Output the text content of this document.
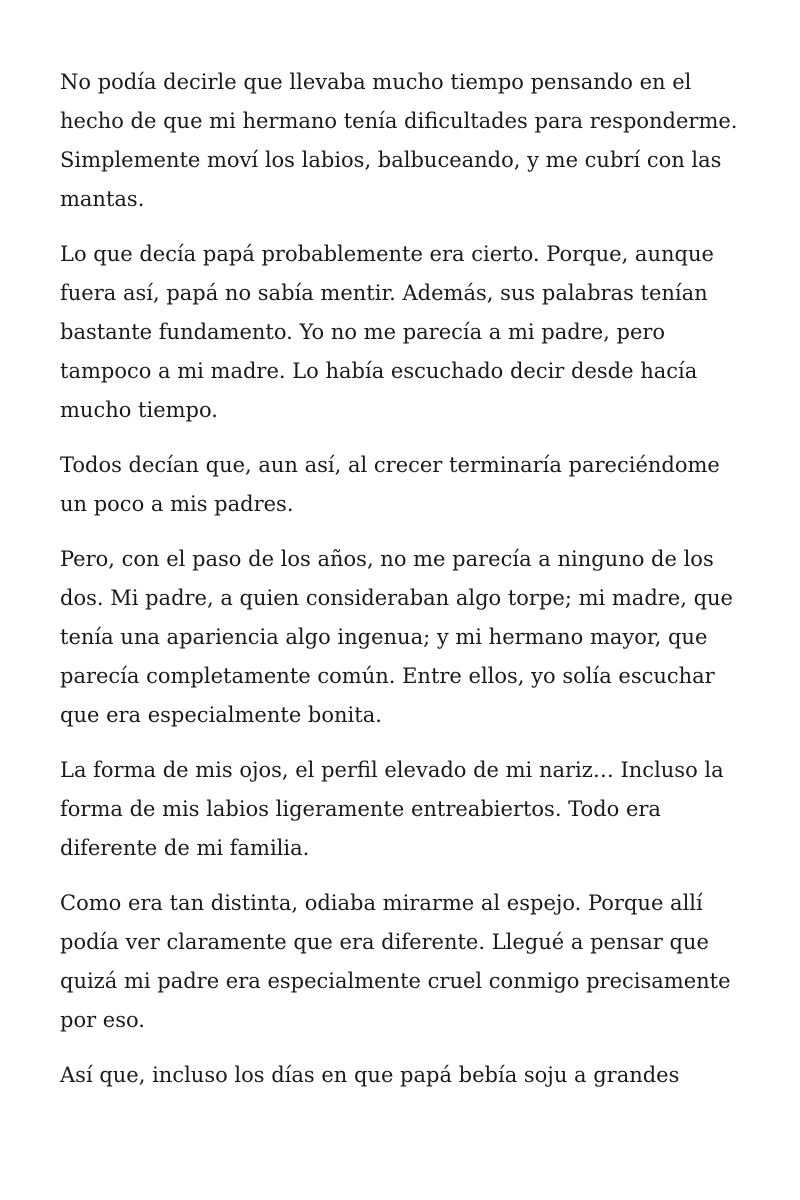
No podía decirle que llevaba mucho tiempo pensando en el hecho de que mi hermano tenía dificultades para responderme. Simplemente moví los labios, balbuceando, y me cubrí con las mantas.

Lo que decía papá probablemente era cierto. Porque, aunque fuera así, papá no sabía mentir. Además, sus palabras tenían bastante fundamento. Yo no me parecía a mi padre, pero tampoco a mi madre. Lo había escuchado decir desde hacía mucho tiempo.

Todos decían que, aun así, al crecer terminaría pareciéndome un poco a mis padres.

Pero, con el paso de los años, no me parecía a ninguno de los dos. Mi padre, a quien consideraban algo torpe; mi madre, que tenía una apariencia algo ingenua; y mi hermano mayor, que parecía completamente común. Entre ellos, yo solía escuchar que era especialmente bonita.

La forma de mis ojos, el perfil elevado de mi nariz… Incluso la forma de mis labios ligeramente entreabiertos. Todo era diferente de mi familia.

Como era tan distinta, odiaba mirarme al espejo. Porque allí podía ver claramente que era diferente. Llegué a pensar que quizá mi padre era especialmente cruel conmigo precisamente por eso.

Así que, incluso los días en que papá bebía soju a grandes
